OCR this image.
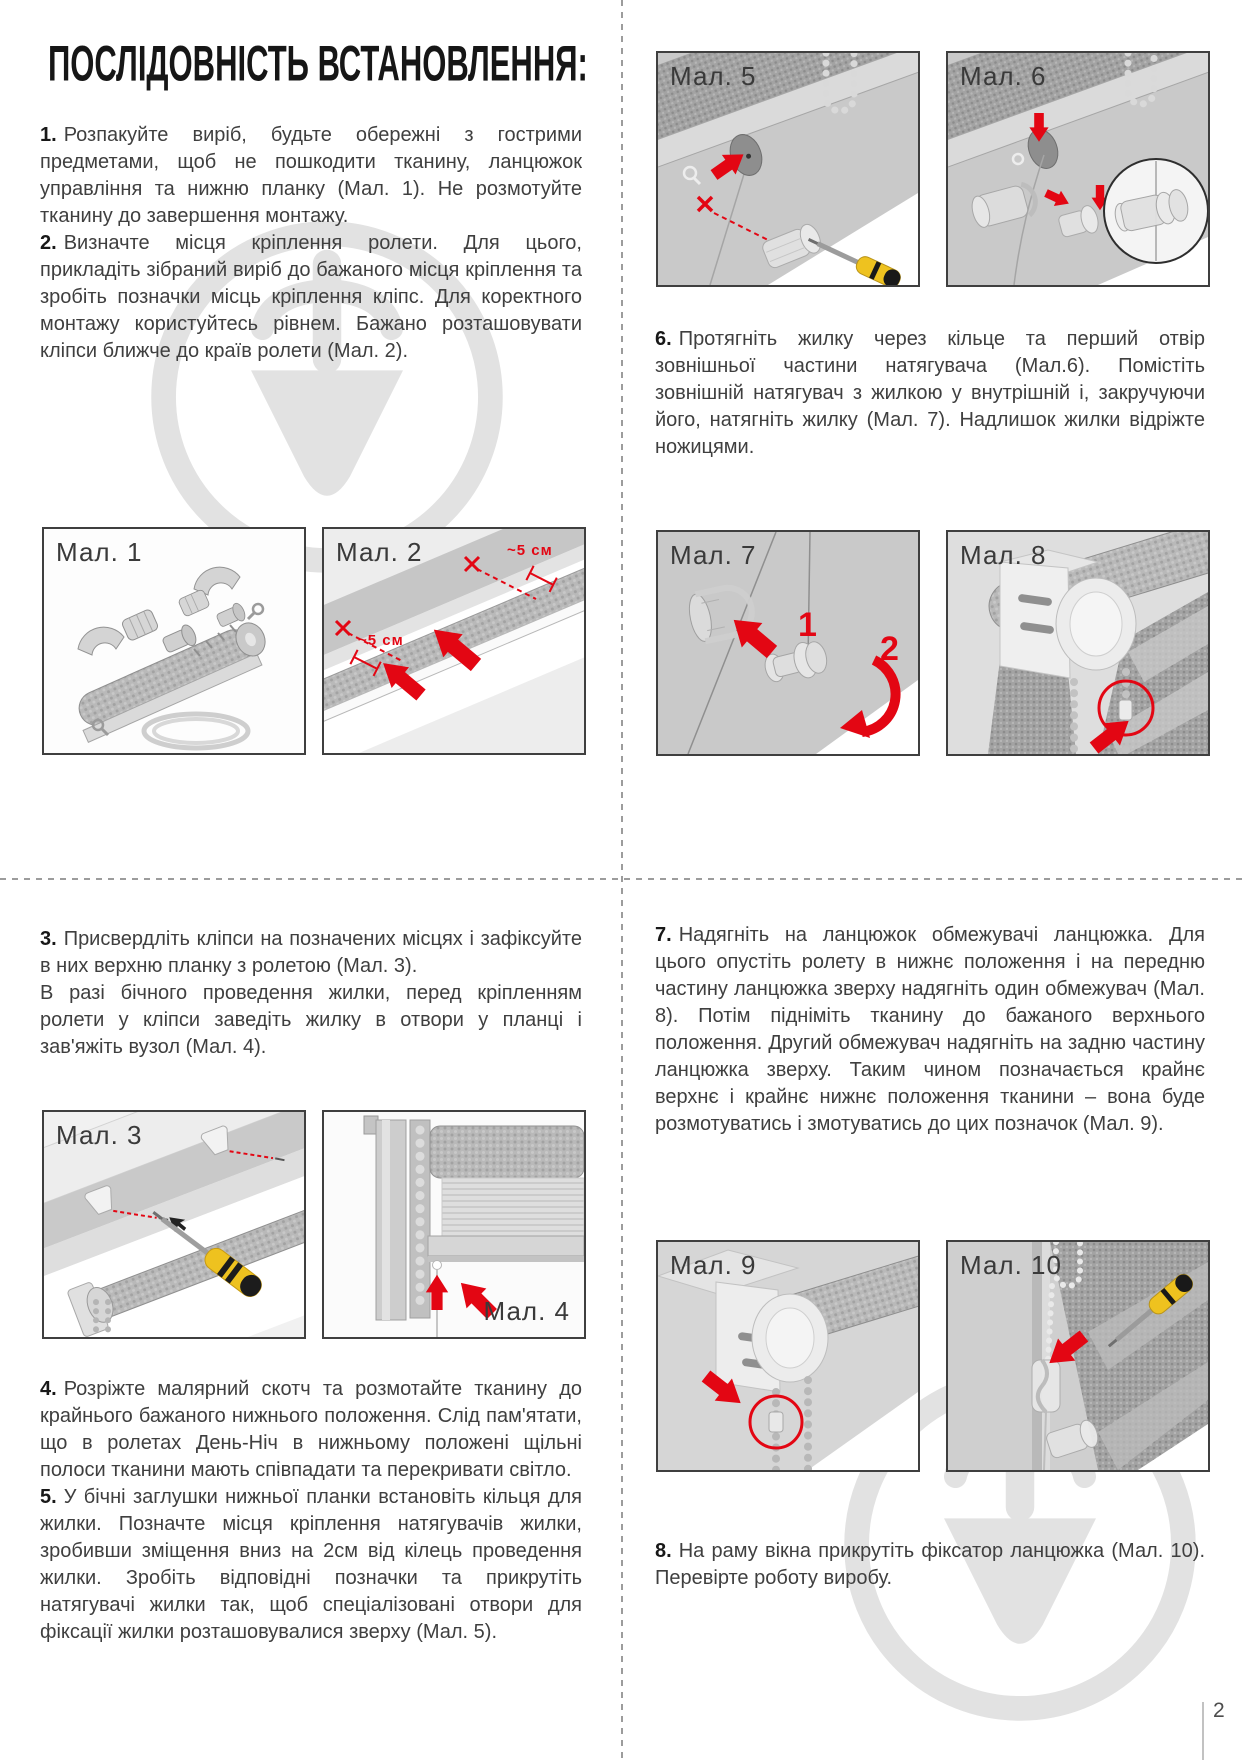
ПОСЛІДОВНІСТЬ ВСТАНОВЛЕННЯ:

1. Розпакуйте виріб, будьте обережні з гострими предметами, щоб не пошкодити тканину, ланцюжок управління та нижню планку (Мал. 1). Не розмотуйте тканину до завершення монтажу.

2. Визначте місця кріплення ролети. Для цього, прикладіть зібраний виріб до бажаного місця кріплення та зробіть позначки місць кріплення кліпс. Для коректного монтажу користуйтесь рівнем. Бажано розташовувати кліпси ближче до країв ролети (Мал. 2).

6. Протягніть жилку через кільце та перший отвір зовнішньої частини натягувача (Мал.6). Помістіть зовнішній натягувач з жилкою у внутрішній і, закручуючи його, натягніть жилку (Мал. 7). Надлишок жилки відріжте ножицями.

3. Присвердліть кліпси на позначених місцях і зафіксуйте в них верхню планку з ролетою (Мал. 3).

В разі бічного проведення жилки, перед кріпленням ролети у кліпси заведіть жилку в отвори у планці і зав'яжіть вузол (Мал. 4).

4. Розріжте малярний скотч та розмотайте тканину до крайнього бажаного нижнього положення. Слід пам'ятати, що в ролетах День-Ніч в нижньому положені щільні полоси тканини мають співпадати та перекривати світло.

5. У бічні заглушки нижньої планки встановіть кільця для жилки. Позначте місця кріплення натягувачів жилки, зробивши зміщення вниз на 2см від кілець проведення жилки. Зробіть відповідні позначки та прикрутіть натягувачі жилки так, щоб спеціалізовані отвори для фіксації жилки розташовувалися зверху (Мал. 5).

7. Надягніть на ланцюжок обмежувачі ланцюжка. Для цього опустіть ролету в нижнє положення і на передню частину ланцюжка зверху надягніть один обмежувач (Мал. 8). Потім підніміть тканину до бажаного верхнього положення. Другий обмежувач надягніть на задню частину ланцюжка зверху. Таким чином позначається крайнє верхнє і крайнє нижнє положення тканини – вона буде розмотуватись і змотуватись до цих позначок (Мал. 9).

8. На раму вікна прикрутіть фіксатор ланцюжка (Мал. 10). Перевірте роботу виробу.

Мал. 1	~5 см
~5 см
Мал. 2
Мал. 5	Мал. 6
1
2
Мал. 7	Мал. 8
Мал. 3
Мал. 4
Мал. 9	Мал. 10
2
